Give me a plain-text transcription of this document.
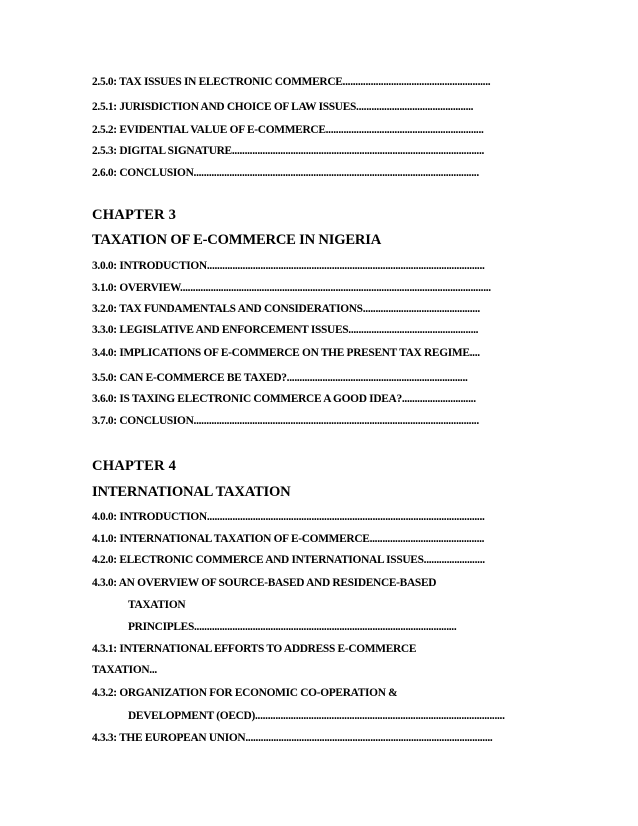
2.5.0: TAX ISSUES IN ELECTRONIC COMMERCE..........................................................
2.5.1: JURISDICTION AND CHOICE OF LAW ISSUES..............................................
2.5.2: EVIDENTIAL VALUE OF E-COMMERCE..............................................................
2.5.3: DIGITAL SIGNATURE...................................................................................................
2.6.0: CONCLUSION................................................................................................................
CHAPTER 3
TAXATION OF E-COMMERCE IN NIGERIA
3.0.0: INTRODUCTION.............................................................................................................
3.1.0: OVERVIEW..........................................................................................................................
3.2.0: TAX FUNDAMENTALS AND CONSIDERATIONS..............................................
3.3.0: LEGISLATIVE AND ENFORCEMENT ISSUES...................................................
3.4.0: IMPLICATIONS OF E-COMMERCE ON THE PRESENT TAX REGIME....
3.5.0: CAN E-COMMERCE BE TAXED?.......................................................................
3.6.0: IS TAXING ELECTRONIC COMMERCE A GOOD IDEA?.............................
3.7.0: CONCLUSION................................................................................................................
CHAPTER 4
INTERNATIONAL TAXATION
4.0.0: INTRODUCTION.............................................................................................................
4.1.0: INTERNATIONAL TAXATION OF E-COMMERCE.............................................
4.2.0: ELECTRONIC COMMERCE AND INTERNATIONAL ISSUES........................
4.3.0: AN OVERVIEW OF SOURCE-BASED AND RESIDENCE-BASED
TAXATION
PRINCIPLES.......................................................................................................
4.3.1: INTERNATIONAL EFFORTS TO ADDRESS E-COMMERCE
TAXATION...
4.3.2: ORGANIZATION FOR ECONOMIC CO-OPERATION &
DEVELOPMENT (OECD)..................................................................................................
4.3.3: THE EUROPEAN UNION.................................................................................................
